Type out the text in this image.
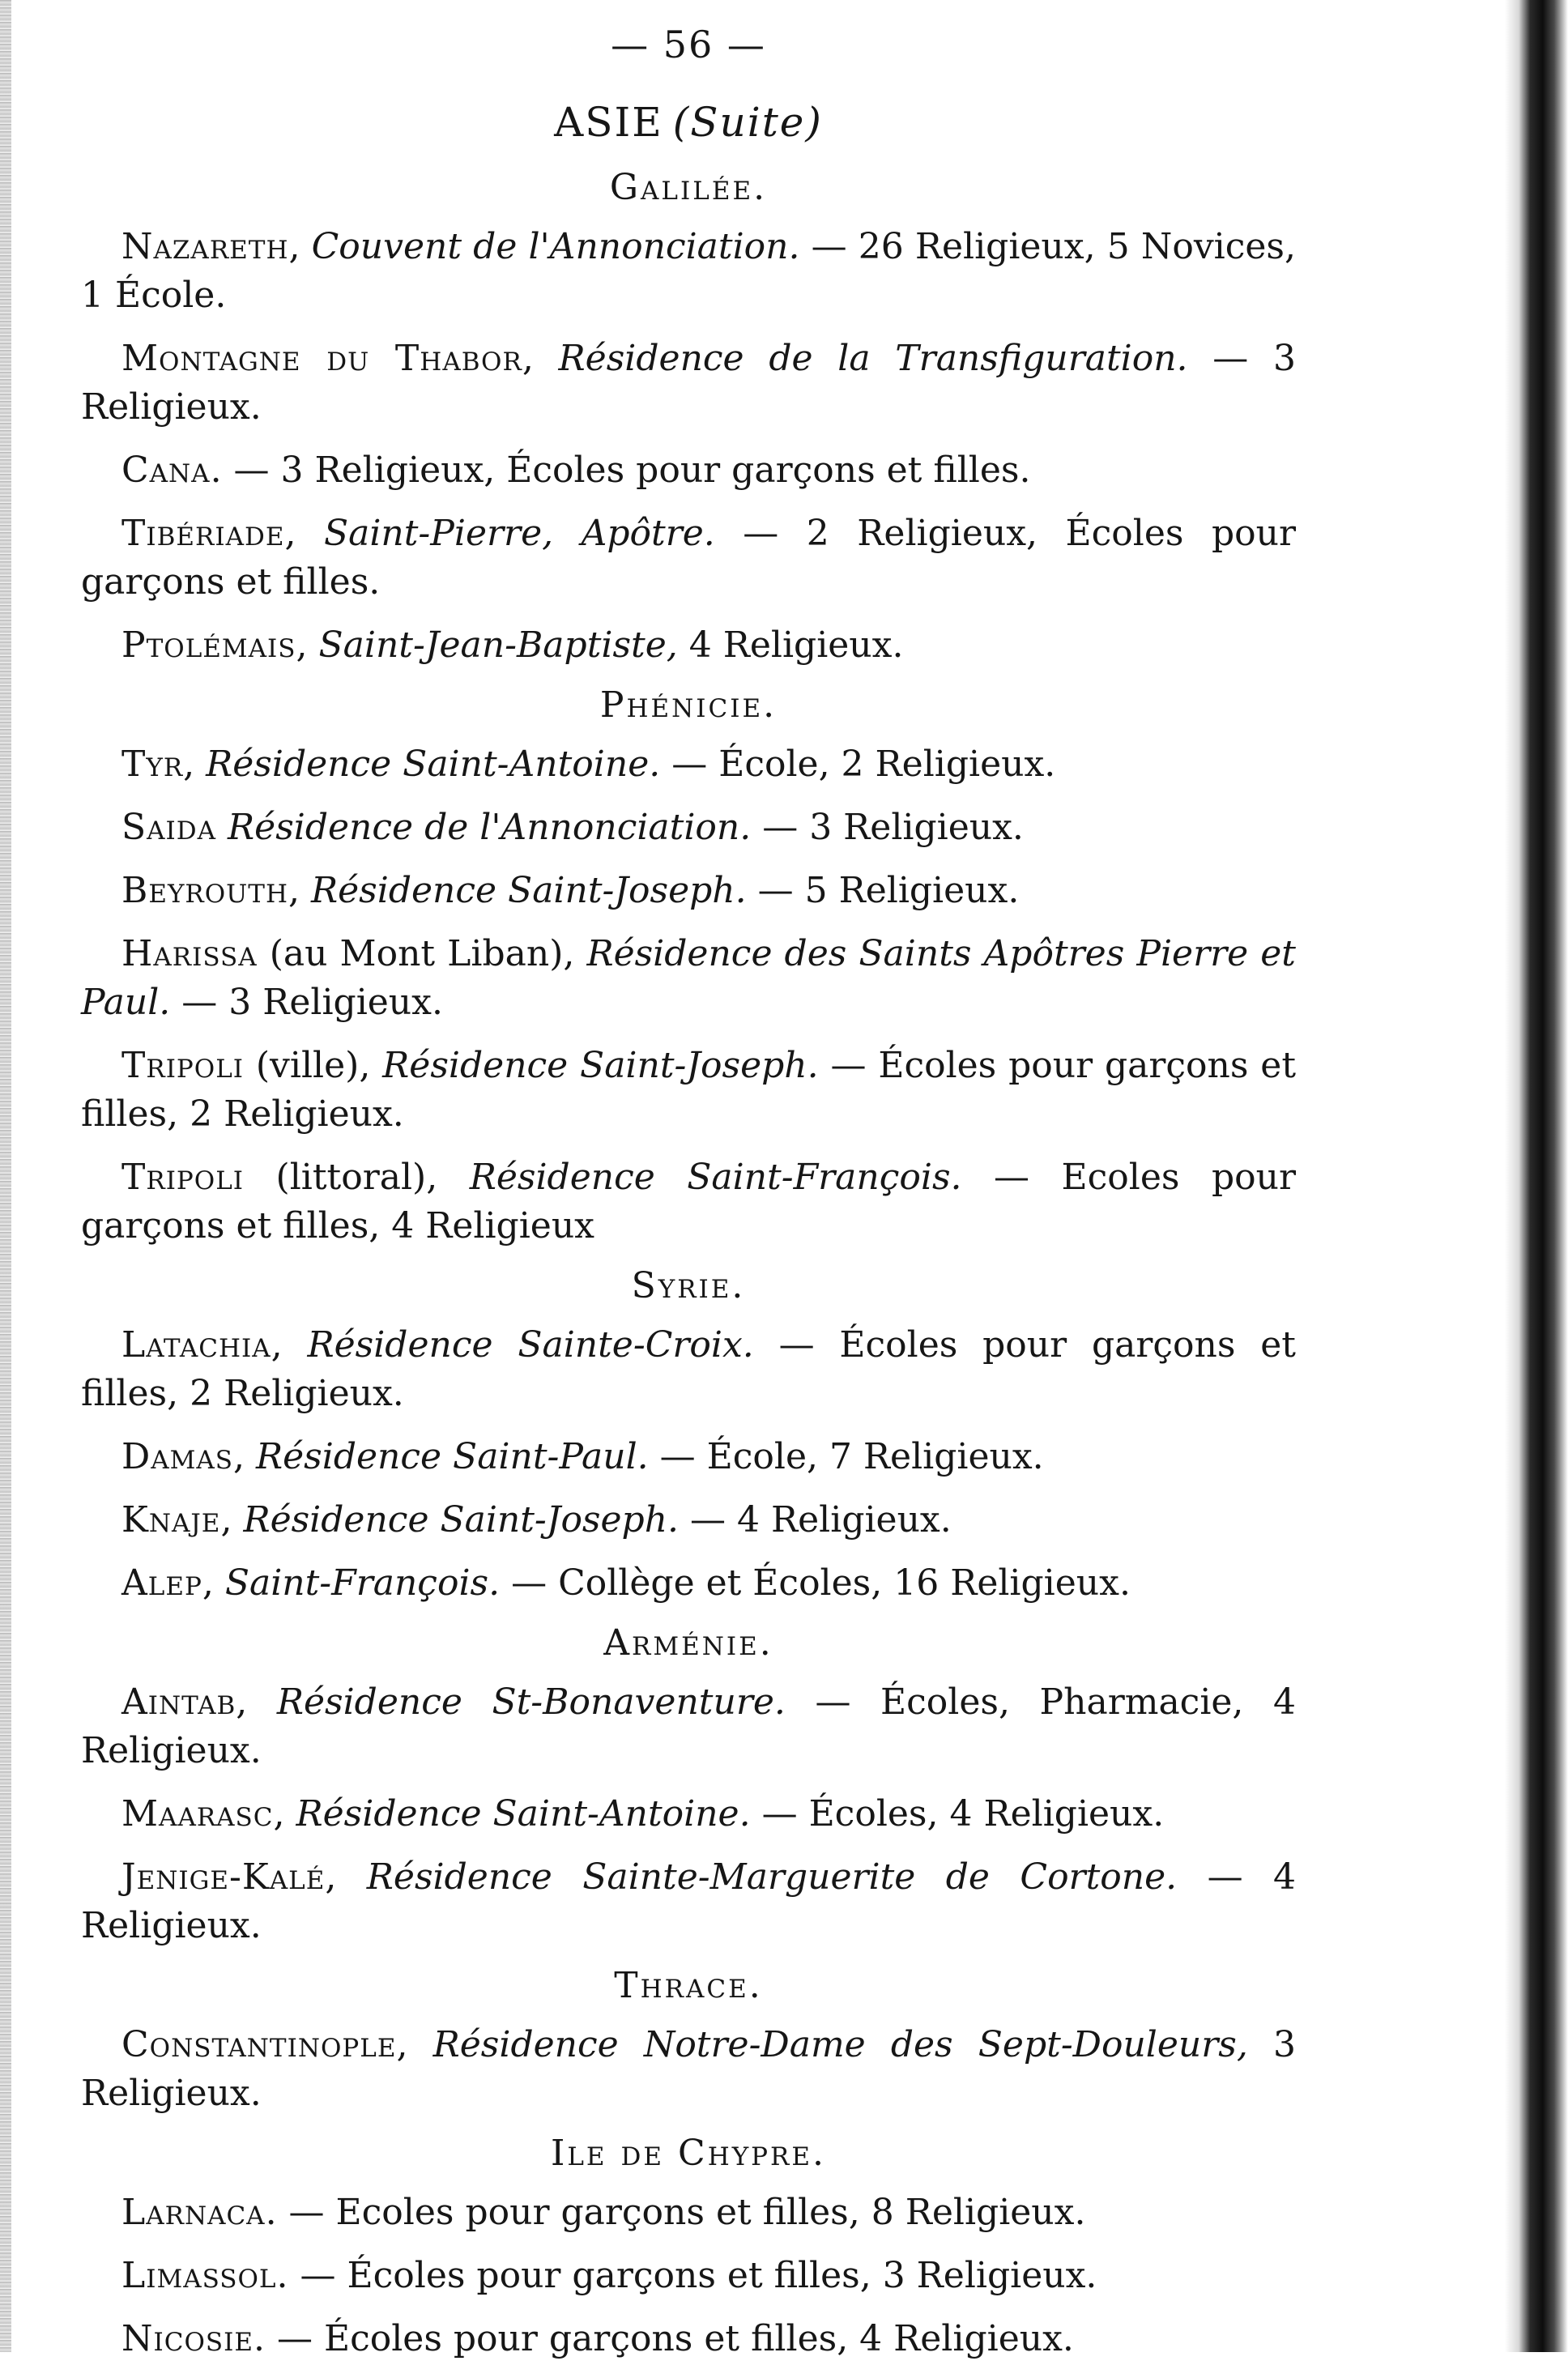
— 56 —
ASIE (Suite)
Galilée.

Nazareth, Couvent de l'Annonciation. — 26 Religieux, 5 Novices, 1 École.

Montagne du Thabor, Résidence de la Transfiguration. — 3 Religieux.

Cana. — 3 Religieux, Écoles pour garçons et filles.

Tibériade, Saint-Pierre, Apôtre. — 2 Religieux, Écoles pour garçons et filles.

Ptolémais, Saint-Jean-Baptiste, 4 Religieux.

Phénicie.

Tyr, Résidence Saint-Antoine. — École, 2 Religieux.

Saida Résidence de l'Annonciation. — 3 Religieux.

Beyrouth, Résidence Saint-Joseph. — 5 Religieux.

Harissa (au Mont Liban), Résidence des Saints Apôtres Pierre et Paul. — 3 Religieux.

Tripoli (ville), Résidence Saint-Joseph. — Écoles pour garçons et filles, 2 Religieux.

Tripoli (littoral), Résidence Saint-François. — Ecoles pour garçons et filles, 4 Religieux

Syrie.

Latachia, Résidence Sainte-Croix. — Écoles pour garçons et filles, 2 Religieux.

Damas, Résidence Saint-Paul. — École, 7 Religieux.

Knaje, Résidence Saint-Joseph. — 4 Religieux.

Alep, Saint-François. — Collège et Écoles, 16 Religieux.

Arménie.

Aintab, Résidence St-Bonaventure. — Écoles, Pharmacie, 4 Religieux.

Maarasc, Résidence Saint-Antoine. — Écoles, 4 Religieux.

Jenige-Kalé, Résidence Sainte-Marguerite de Cortone. — 4 Religieux.

Thrace.

Constantinople, Résidence Notre-Dame des Sept-Douleurs, 3 Religieux.

Ile de Chypre.

Larnaca. — Ecoles pour garçons et filles, 8 Religieux.

Limassol. — Écoles pour garçons et filles, 3 Religieux.

Nicosie. — Écoles pour garçons et filles, 4 Religieux.
